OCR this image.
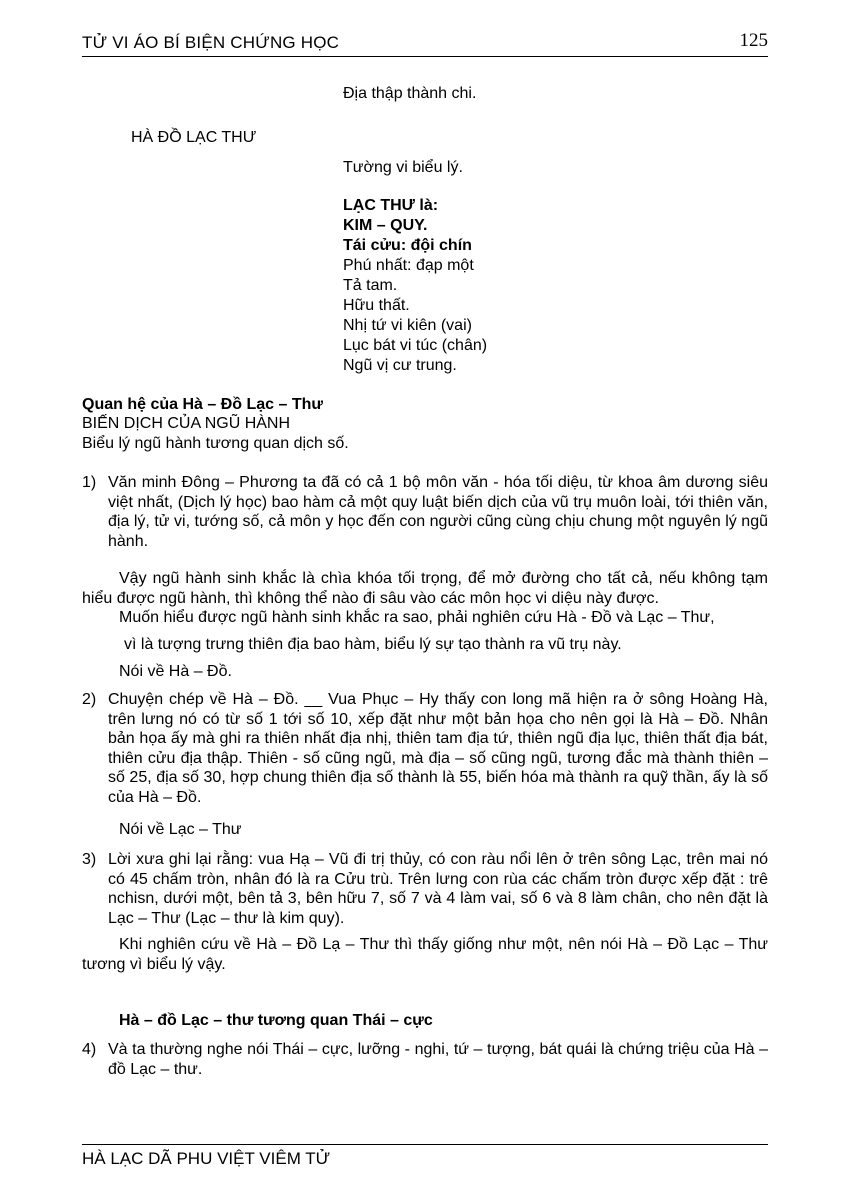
TỬ VI ÁO BÍ BIỆN CHỨNG HỌC	125
Địa thập thành chi.
HÀ ĐỒ LẠC THƯ
Tường vi biểu lý.
LẠC THƯ là:
KIM – QUY.
Tái cửu: đội chín
Phú nhất: đạp một
Tả tam.
Hữu thất.
Nhị tứ vi kiên (vai)
Lục bát vi túc (chân)
Ngũ vị cư trung.
Quan hệ của Hà – Đồ Lạc – Thư
BIẾN DỊCH CỦA NGŨ HÀNH
Biểu lý ngũ hành tương quan dịch số.
1) Văn minh Đông – Phương ta đã có cả 1 bộ môn văn - hóa tối diệu, từ khoa âm dương siêu việt nhất, (Dịch lý học) bao hàm cả một quy luật biến dịch của vũ trụ muôn loài, tới thiên văn, địa lý, tử vi, tướng số, cả môn y học đến con người cũng cùng chịu chung một nguyên lý ngũ hành.
Vậy ngũ hành sinh khắc là chìa khóa tối trọng, để mở đường cho tất cả, nếu không tạm hiểu được ngũ hành, thì không thể nào đi sâu vào các môn học vi diệu này được.
Muốn hiểu được ngũ hành sinh khắc ra sao, phải nghiên cứu Hà - Đồ và Lạc – Thư,
vì là tượng trưng thiên địa bao hàm, biểu lý sự tạo thành ra vũ trụ này.
Nói về Hà – Đồ.
2) Chuyện chép về Hà – Đồ. __ Vua Phục – Hy thấy con long mã hiện ra ở sông Hoàng Hà, trên lưng nó có từ số 1 tới số 10, xếp đặt như một bản họa cho nên gọi là Hà – Đồ. Nhân bản họa ấy mà ghi ra thiên nhất địa nhị, thiên tam địa tứ, thiên ngũ địa lục, thiên thất địa bát, thiên cửu địa thập. Thiên - số cũng ngũ, mà địa – số cũng ngũ, tương đắc mà thành thiên – số 25, địa số 30, hợp chung thiên địa số thành là 55, biến hóa mà thành ra quỹ thần, ấy là số của Hà – Đồ.
Nói về Lạc – Thư
3) Lời xưa ghi lại rằng: vua Hạ – Vũ đi trị thủy, có con ràu nổi lên ở trên sông Lạc, trên mai nó có 45 chấm tròn, nhân đó là ra Cửu trù. Trên lưng con rùa các chấm tròn được xếp đặt : trê nchisn, dưới một, bên tả 3, bên hữu 7, số 7 và 4 làm vai, số 6 và 8 làm chân, cho nên đặt là Lạc – Thư (Lạc – thư là kim quy).
Khi nghiên cứu về Hà – Đồ Lạ – Thư thì thấy giống như một, nên nói Hà – Đồ Lạc – Thư tương vì biểu lý vậy.
Hà – đồ Lạc – thư tương quan Thái – cực
4) Và ta thường nghe nói Thái – cực, lưỡng - nghi, tứ – tượng, bát quái là chứng triệu của Hà – đồ Lạc – thư.
HÀ LẠC DÃ PHU VIỆT VIÊM TỬ
